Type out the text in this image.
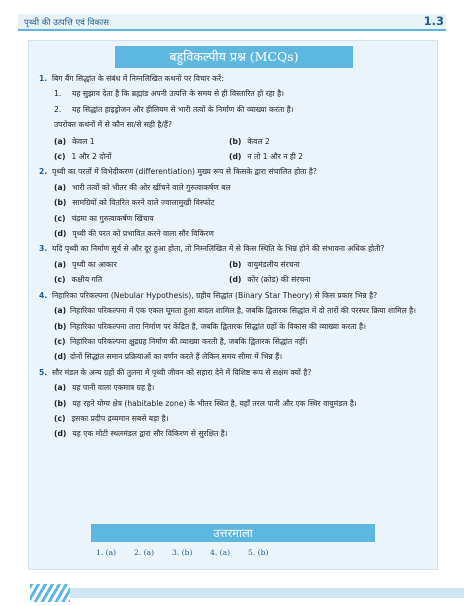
पृथ्वी की उत्पत्ति एवं विकास	1.3
बहुविकल्पीय प्रश्न (MCQs)
1. बिग बैंग सिद्धांत के संबंध में निम्नलिखित कथनों पर विचार करें:
1. यह सुझाव देता है कि ब्रह्मांड अपनी उत्पत्ति के समय से ही विस्तारित हो रहा है।
2. यह सिद्धांत हाइड्रोजन और हीलियम से भारी तत्वों के निर्माण की व्याख्या करता है।
उपरोक्त कथनों में से कौन सा/से सही है/हैं?
(a) केवल 1	(b) केवल 2
(c) 1 और 2 दोनों	(d) न तो 1 और न ही 2
2. पृथ्वी का परतों में विभेदीकरण (differentiation) मुख्य रूप से किसके द्वारा संचालित होता है?
(a) भारी तत्वों को भीतर की ओर खींचने वाले गुरुत्वाकर्षण बल
(b) सामग्रियों को वितरित करने वाले ज्वालामुखी विस्फोट
(c) चंद्रमा का गुरुत्वाकर्षण खिंचाव
(d) पृथ्वी की परत को प्रभावित करने वाला सौर विकिरण
3. यदि पृथ्वी का निर्माण सूर्य से और दूर हुआ होता, तो निम्नलिखित में से किस स्थिति के भिन्न होने की संभावना अधिक होती?
(a) पृथ्वी का आकार	(b) वायुमंडलीय संरचना
(c) कक्षीय गति	(d) कोर (क्रोड) की संरचना
4. निहारिका परिकल्पना (Nebular Hypothesis), ग्रहीय सिद्धांत (Binary Star Theory) से किस प्रकार भिन्न है?
(a) निहारिका परिकल्पना में एक एकल घूमता हुआ बादल शामिल है, जबकि द्वितारक सिद्धांत में दो तारों की परस्पर क्रिया शामिल है।
(b) निहारिका परिकल्पना तारा निर्माण पर केंद्रित है, जबकि द्वितारक सिद्धांत ग्रहों के विकास की व्याख्या करता है।
(c) निहारिका परिकल्पना क्षुद्रग्रह निर्माण की व्याख्या करती है, जबकि द्वितारक सिद्धांत नहीं।
(d) दोनों सिद्धांत समान प्रक्रियाओं का वर्णन करते हैं लेकिन समय सीमा में भिन्न हैं।
5. सौर मंडल के अन्य ग्रहों की तुलना में पृथ्वी जीवन को सहारा देने में विशिष्ट रूप से सक्षम क्यों है?
(a) यह पानी वाला एकमात्र ग्रह है।
(b) यह रहने योग्य क्षेत्र (habitable zone) के भीतर स्थित है, यहाँ तरल पानी और एक स्थिर वायुमंडल है।
(c) इसका प्रदीप द्रव्यमान सबसे बड़ा है।
(d) यह एक मोटी स्थलमंडल द्वारा सौर विकिरण से सुरक्षित है।
उत्तरमाला
1. (a)	2. (a)	3. (b)	4. (a)	5. (b)
